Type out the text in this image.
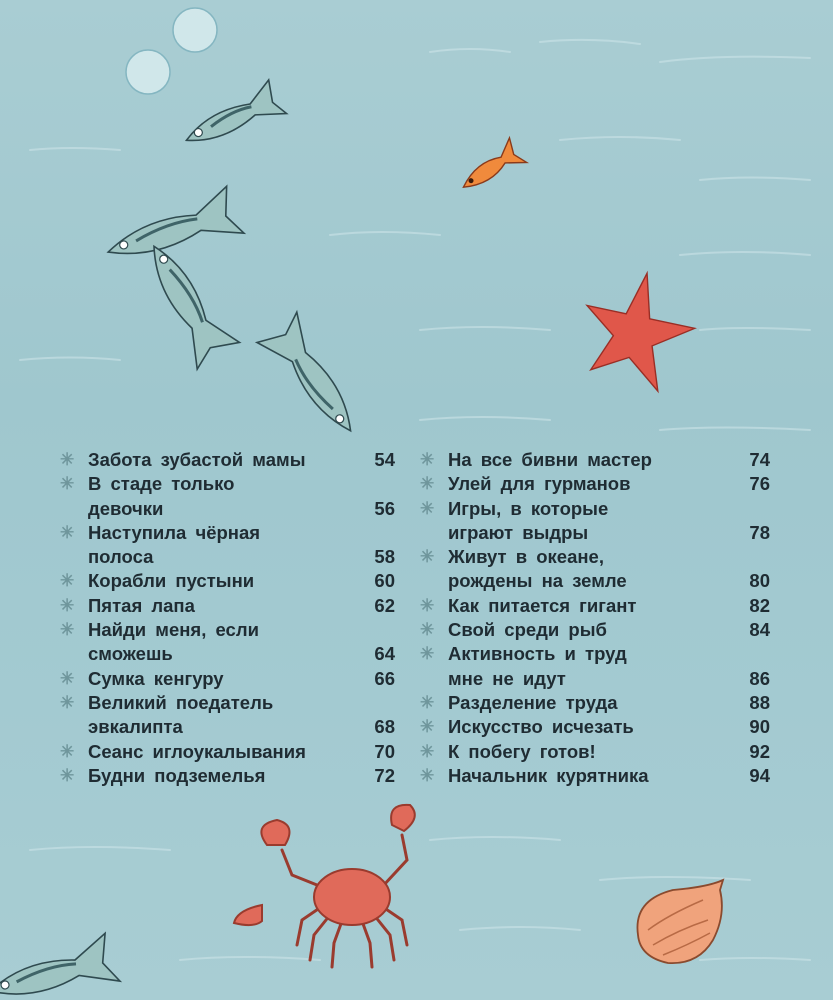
✳ Забота зубастой мамы	54
✳ В стаде только
девочки	56
✳ Наступила чёрная
полоса	58
✳ Корабли пустыни	60
✳ Пятая лапа	62
✳ Найди меня, если
сможешь	64
✳ Сумка кенгуру	66
✳ Великий поедатель
эвкалипта	68
✳ Сеанс иглоукалывания	70
✳ Будни подземелья	72
✳ На все бивни мастер	74
✳ Улей для гурманов	76
✳ Игры, в которые
играют выдры	78
✳ Живут в океане,
рождены на земле	80
✳ Как питается гигант	82
✳ Свой среди рыб	84
✳ Активность и труд
мне не идут	86
✳ Разделение труда	88
✳ Искусство исчезать	90
✳ К побегу готов!	92
✳ Начальник курятника	94
